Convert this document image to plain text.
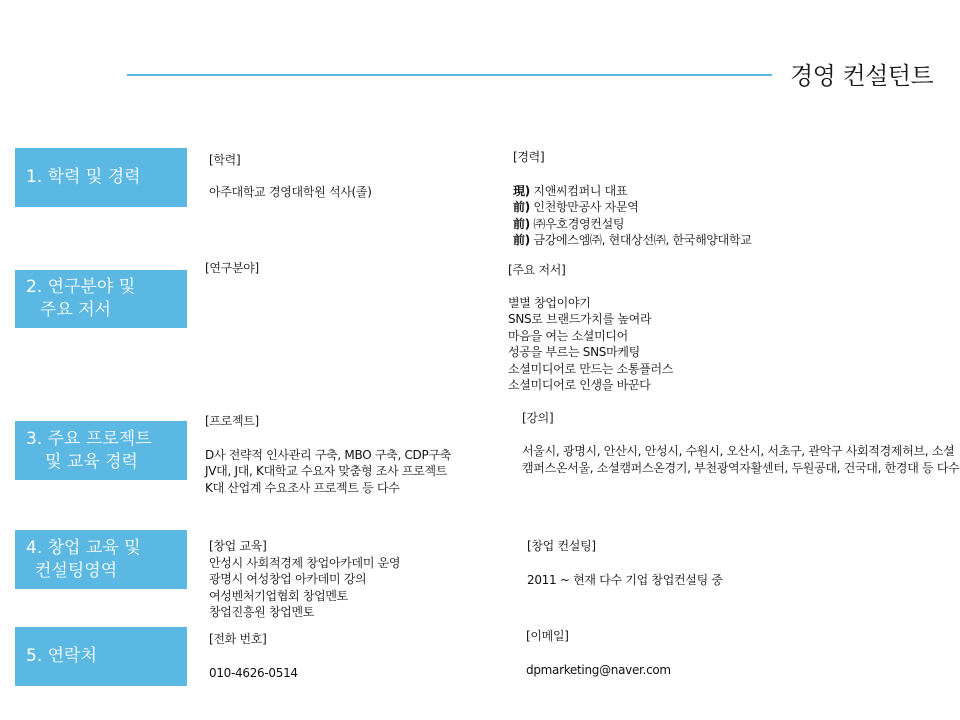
경영 컨설턴트
1. 학력 및 경력
[학력]
아주대학교 경영대학원 석사(졸)
[경력]
現) 지앤씨컴퍼니 대표
前) 인천항만공사 자문역
前) ㈜우호경영컨설팅
前) 금강에스엠㈜, 현대상선㈜, 한국해양대학교
2. 연구분야 및
주요 저서
[연구분야]	[주요 저서]
별별 창업이야기
SNS로 브랜드가치를 높여라
마음을 여는 소셜미디어
성공을 부르는 SNS마케팅
소셜미디어로 만드는 소통플러스
소셜미디어로 인생을 바꾼다
3. 주요 프로젝트
및 교육 경력
[프로젝트]
D사 전략적 인사관리 구축, MBO 구축, CDP구축
JV대, J대, K대학교 수요자 맞춤형 조사 프로젝트
K대 산업계 수요조사 프로젝트 등 다수
[강의]
서울시, 광명시, 안산시, 안성시, 수원시, 오산시, 서초구, 관악구 사회적경제허브, 소셜캠퍼스온서울, 소셜캠퍼스온경기, 부천광역자활센터, 두원공대, 건국대, 한경대 등 다수
4. 창업 교육 및
컨설팅영역
[창업 교육]
안성시 사회적경제 창업아카데미 운영
광명시 여성창업 아카데미 강의
여성벤처기업협회 창업멘토
창업진흥원 창업멘토
[창업 컨설팅]
2011 ~ 현재 다수 기업 창업컨설팅 중
5. 연락처
[전화 번호]
010-4626-0514
[이메일]
dpmarketing@naver.com
